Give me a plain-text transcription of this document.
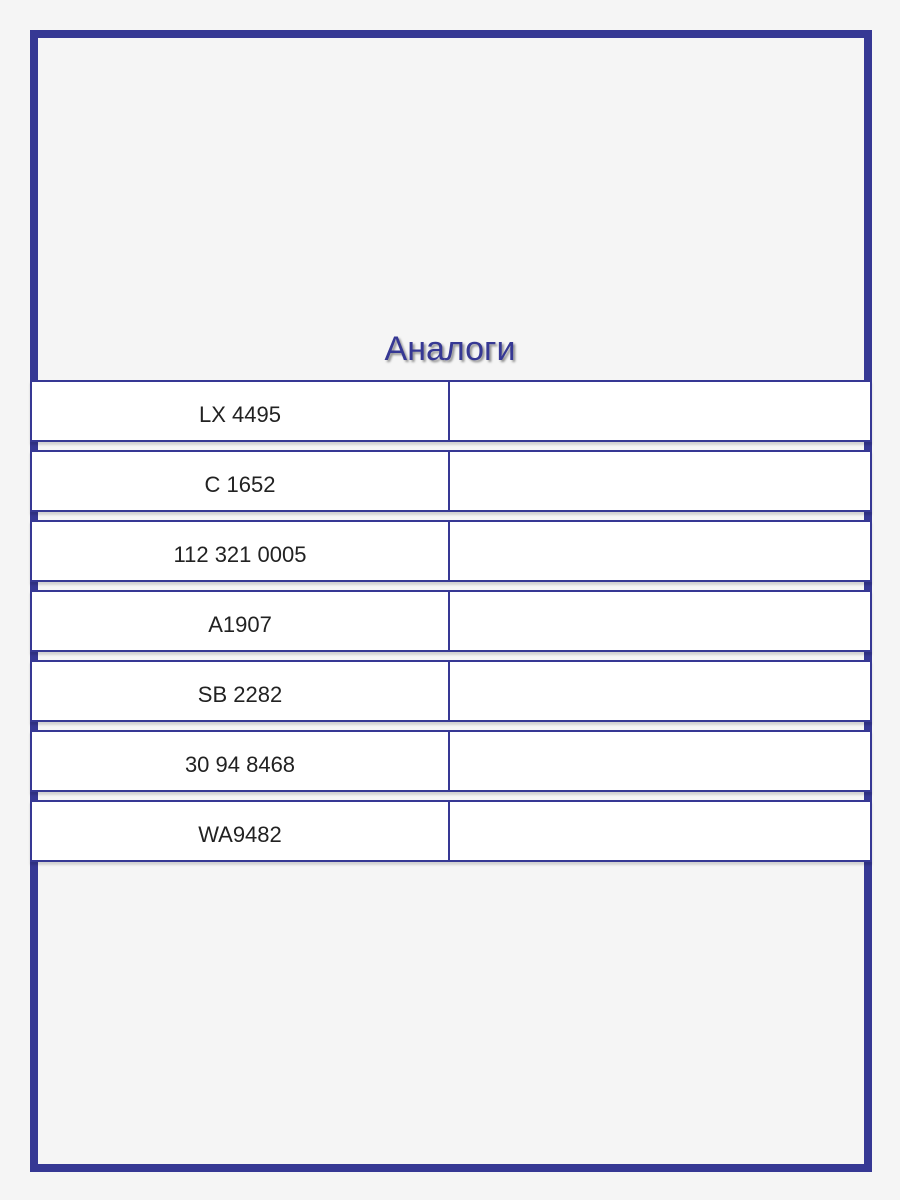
Аналоги
LX 4495
C 1652
112 321 0005
A1907
SB 2282
30 94 8468
WA9482
